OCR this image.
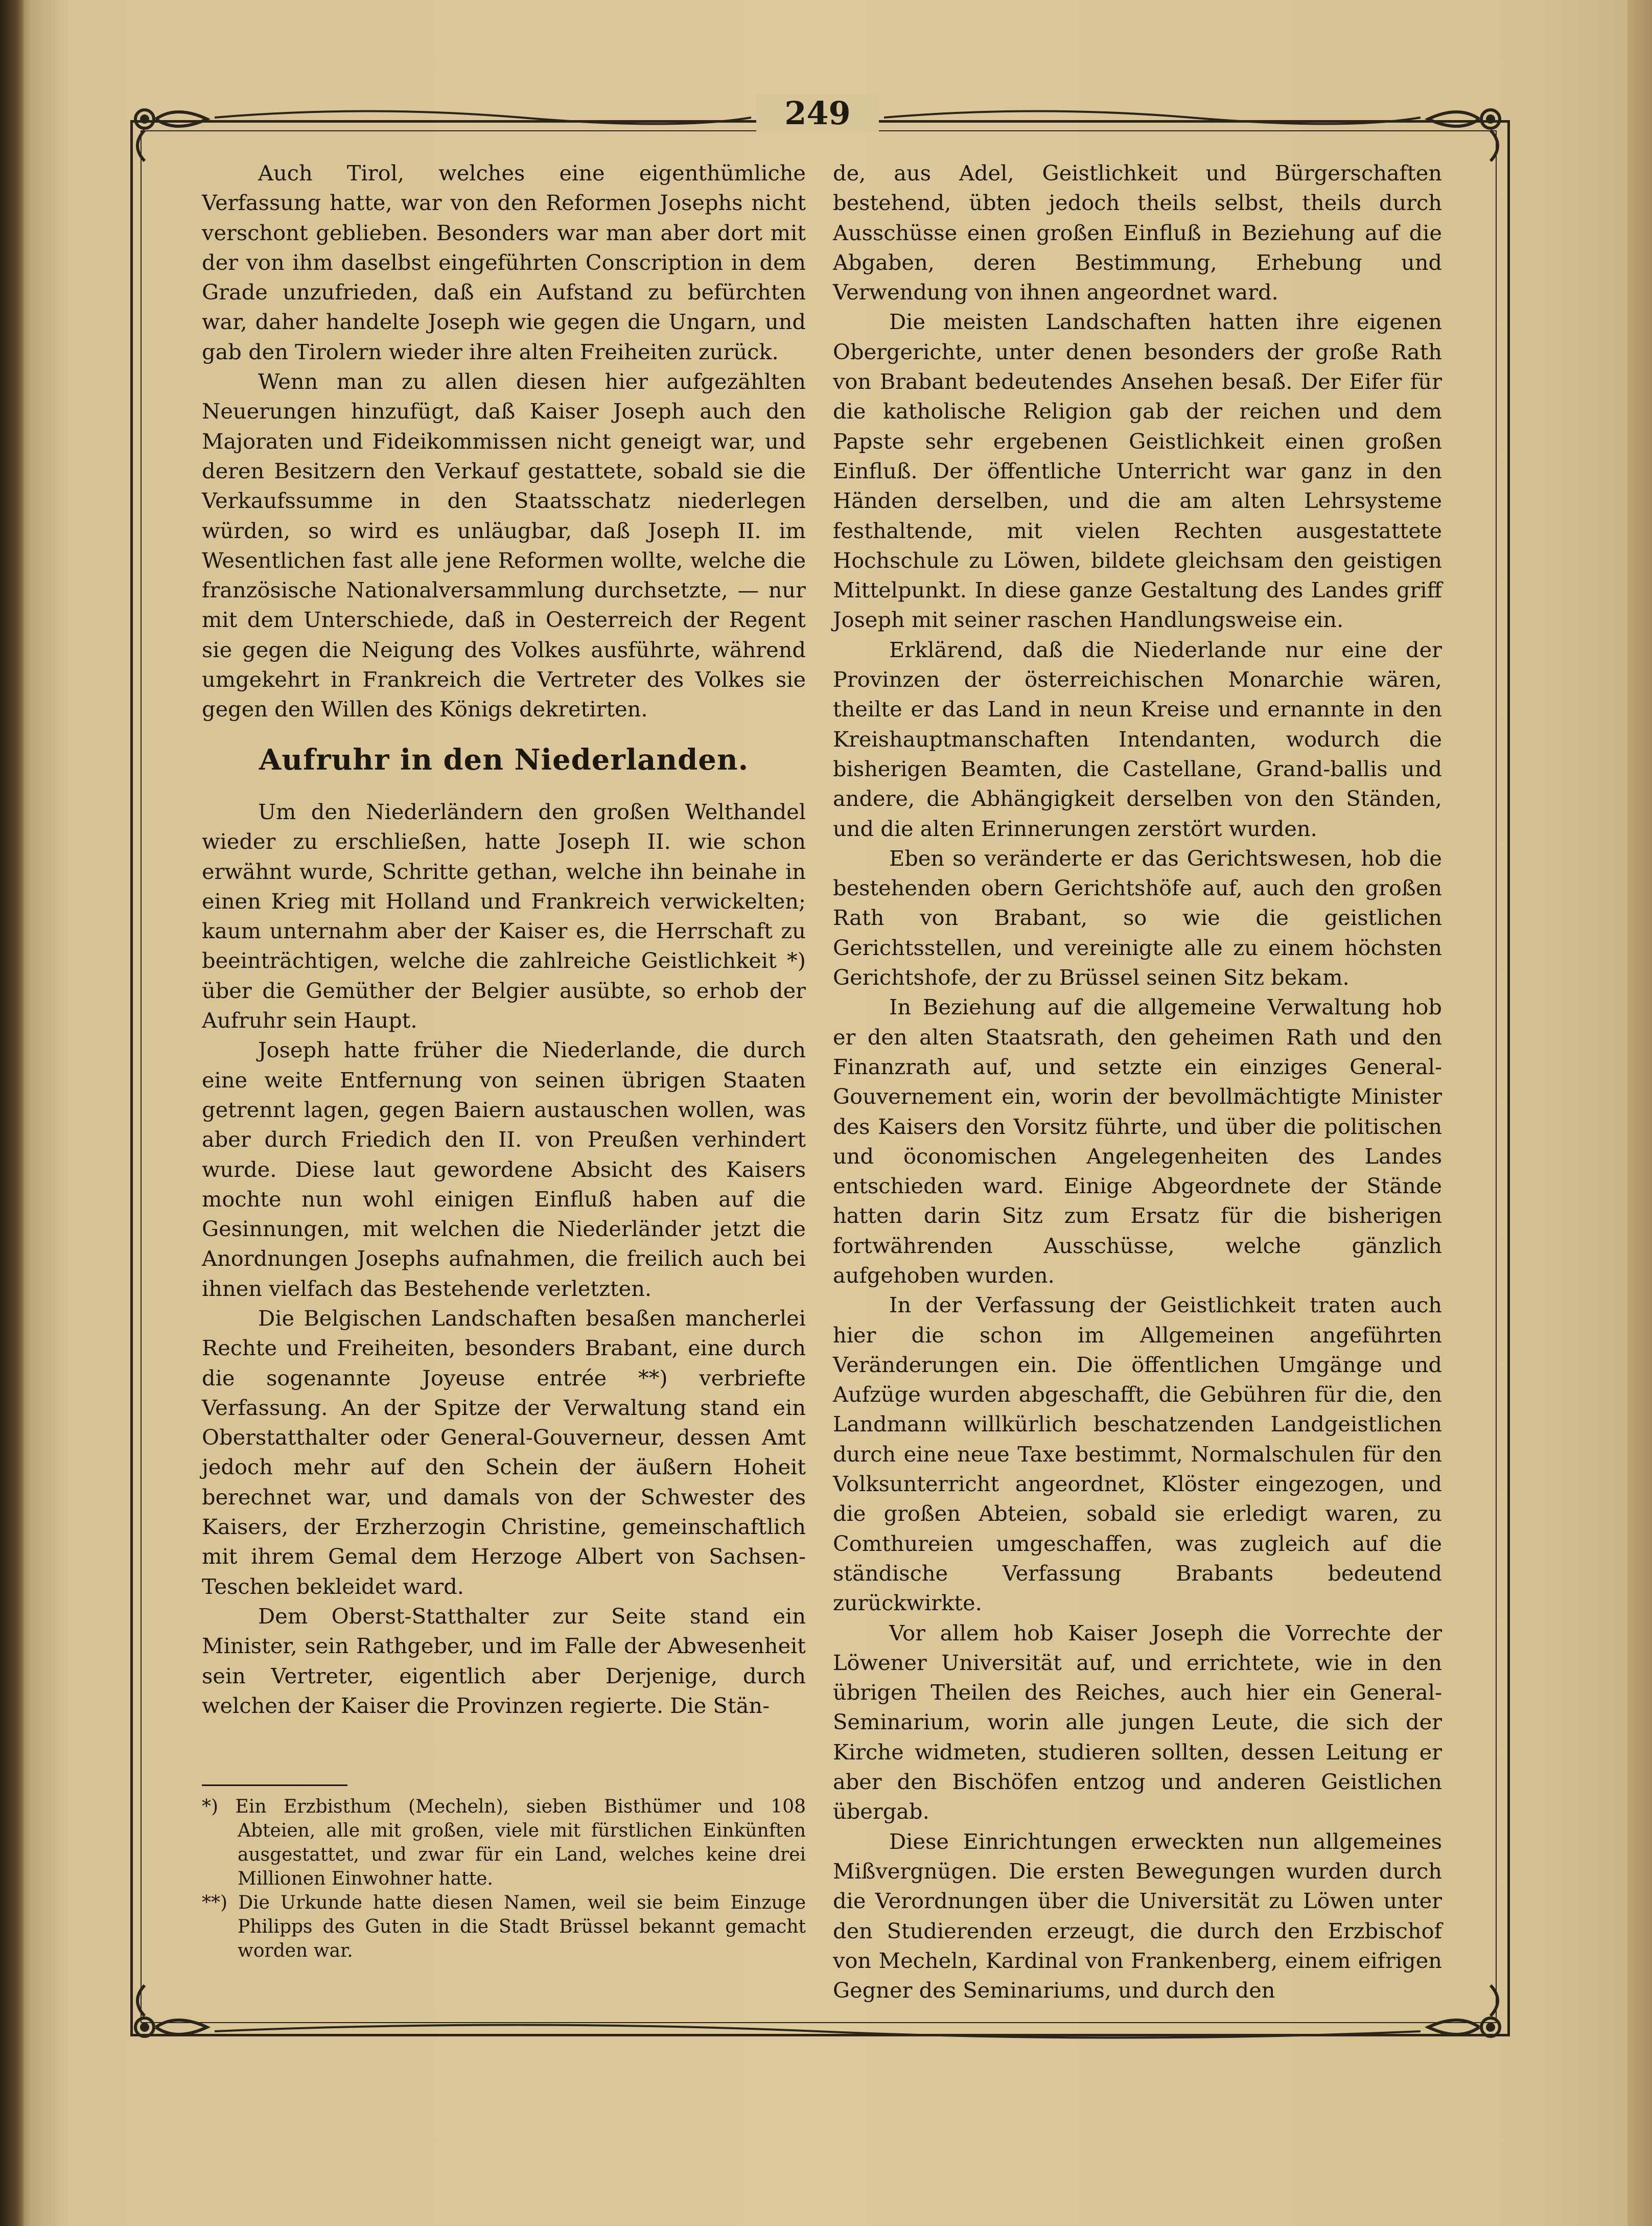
249

Auch Tirol, welches eine eigenthümliche Verfassung hatte, war von den Reformen Josephs nicht verschont geblieben. Besonders war man aber dort mit der von ihm daselbst eingeführten Conscription in dem Grade unzufrieden, daß ein Aufstand zu befürchten war, daher handelte Joseph wie gegen die Ungarn, und gab den Tirolern wieder ihre alten Freiheiten zurück.

Wenn man zu allen diesen hier aufgezählten Neuerungen hinzufügt, daß Kaiser Joseph auch den Majoraten und Fideikommissen nicht geneigt war, und deren Besitzern den Verkauf gestattete, sobald sie die Verkaufssumme in den Staatsschatz niederlegen würden, so wird es unläugbar, daß Joseph II. im Wesentlichen fast alle jene Reformen wollte, welche die französische Nationalversammlung durchsetzte, — nur mit dem Unterschiede, daß in Oesterreich der Regent sie gegen die Neigung des Volkes ausführte, während umgekehrt in Frankreich die Vertreter des Volkes sie gegen den Willen des Königs dekretirten.

Aufruhr in den Niederlanden.

Um den Niederländern den großen Welthandel wieder zu erschließen, hatte Joseph II. wie schon erwähnt wurde, Schritte gethan, welche ihn beinahe in einen Krieg mit Holland und Frankreich verwickelten; kaum unternahm aber der Kaiser es, die Herrschaft zu beeinträchtigen, welche die zahlreiche Geistlichkeit *) über die Gemüther der Belgier ausübte, so erhob der Aufruhr sein Haupt.

Joseph hatte früher die Niederlande, die durch eine weite Entfernung von seinen übrigen Staaten getrennt lagen, gegen Baiern austauschen wollen, was aber durch Friedich den II. von Preußen verhindert wurde. Diese laut gewordene Absicht des Kaisers mochte nun wohl einigen Einfluß haben auf die Gesinnungen, mit welchen die Niederländer jetzt die Anordnungen Josephs aufnahmen, die freilich auch bei ihnen vielfach das Bestehende verletzten.

Die Belgischen Landschaften besaßen mancherlei Rechte und Freiheiten, besonders Brabant, eine durch die sogenannte Joyeuse entrée **) verbriefte Verfassung. An der Spitze der Verwaltung stand ein Oberstatthalter oder General-Gouverneur, dessen Amt jedoch mehr auf den Schein der äußern Hoheit berechnet war, und damals von der Schwester des Kaisers, der Erzherzogin Christine, gemeinschaftlich mit ihrem Gemal dem Herzoge Albert von Sachsen-Teschen bekleidet ward.

Dem Oberst-Statthalter zur Seite stand ein Minister, sein Rathgeber, und im Falle der Abwesenheit sein Vertreter, eigentlich aber Derjenige, durch welchen der Kaiser die Provinzen regierte. Die Stän-

*) Ein Erzbisthum (Mecheln), sieben Bisthümer und 108 Abteien, alle mit großen, viele mit fürstlichen Einkünften ausgestattet, und zwar für ein Land, welches keine drei Millionen Einwohner hatte.

**) Die Urkunde hatte diesen Namen, weil sie beim Einzuge Philipps des Guten in die Stadt Brüssel bekannt gemacht worden war.

de, aus Adel, Geistlichkeit und Bürgerschaften bestehend, übten jedoch theils selbst, theils durch Ausschüsse einen großen Einfluß in Beziehung auf die Abgaben, deren Bestimmung, Erhebung und Verwendung von ihnen angeordnet ward.

Die meisten Landschaften hatten ihre eigenen Obergerichte, unter denen besonders der große Rath von Brabant bedeutendes Ansehen besaß. Der Eifer für die katholische Religion gab der reichen und dem Papste sehr ergebenen Geistlichkeit einen großen Einfluß. Der öffentliche Unterricht war ganz in den Händen derselben, und die am alten Lehrsysteme festhaltende, mit vielen Rechten ausgestattete Hochschule zu Löwen, bildete gleichsam den geistigen Mittelpunkt. In diese ganze Gestaltung des Landes griff Joseph mit seiner raschen Handlungsweise ein.

Erklärend, daß die Niederlande nur eine der Provinzen der österreichischen Monarchie wären, theilte er das Land in neun Kreise und ernannte in den Kreishauptmanschaften Intendanten, wodurch die bisherigen Beamten, die Castellane, Grand-ballis und andere, die Abhängigkeit derselben von den Ständen, und die alten Erinnerungen zerstört wurden.

Eben so veränderte er das Gerichtswesen, hob die bestehenden obern Gerichtshöfe auf, auch den großen Rath von Brabant, so wie die geistlichen Gerichtsstellen, und vereinigte alle zu einem höchsten Gerichtshofe, der zu Brüssel seinen Sitz bekam.

In Beziehung auf die allgemeine Verwaltung hob er den alten Staatsrath, den geheimen Rath und den Finanzrath auf, und setzte ein einziges General-Gouvernement ein, worin der bevollmächtigte Minister des Kaisers den Vorsitz führte, und über die politischen und öconomischen Angelegenheiten des Landes entschieden ward. Einige Abgeordnete der Stände hatten darin Sitz zum Ersatz für die bisherigen fortwährenden Ausschüsse, welche gänzlich aufgehoben wurden.

In der Verfassung der Geistlichkeit traten auch hier die schon im Allgemeinen angeführten Veränderungen ein. Die öffentlichen Umgänge und Aufzüge wurden abgeschafft, die Gebühren für die, den Landmann willkürlich beschatzenden Landgeistlichen durch eine neue Taxe bestimmt, Normalschulen für den Volksunterricht angeordnet, Klöster eingezogen, und die großen Abteien, sobald sie erledigt waren, zu Comthureien umgeschaffen, was zugleich auf die ständische Verfassung Brabants bedeutend zurückwirkte.

Vor allem hob Kaiser Joseph die Vorrechte der Löwener Universität auf, und errichtete, wie in den übrigen Theilen des Reiches, auch hier ein General-Seminarium, worin alle jungen Leute, die sich der Kirche widmeten, studieren sollten, dessen Leitung er aber den Bischöfen entzog und anderen Geistlichen übergab.

Diese Einrichtungen erweckten nun allgemeines Mißvergnügen. Die ersten Bewegungen wurden durch die Verordnungen über die Universität zu Löwen unter den Studierenden erzeugt, die durch den Erzbischof von Mecheln, Kardinal von Frankenberg, einem eifrigen Gegner des Seminariums, und durch den
